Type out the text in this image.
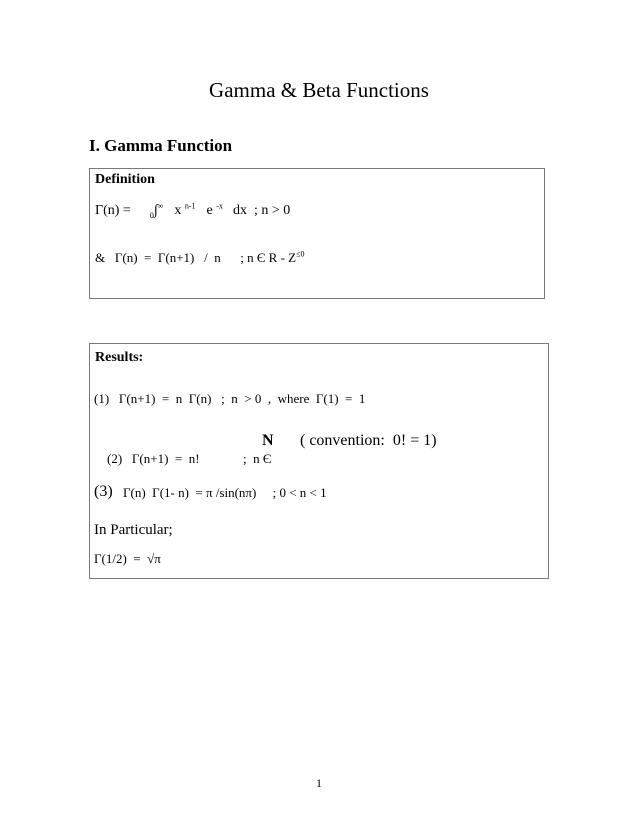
Gamma & Beta Functions
I. Gamma Function
Definition
Γ(n) = $_0$∫∞ x $^{n-1}$ e $^{-x}$ dx  ; n > 0
&   Γ(n)  =  Γ(n+1)   /  n      ; n Є R - $Z^{\le 0}$
Results:
(1)   Γ(n+1)  =  n  Γ(n)   ;  n  > 0  ,  where  Γ(1)  =  1

(2)   Γ(n+1)  =  n!
	;  n Є

N ( convention:  0! = 1)
(3) Γ(n)  Γ(1- n)  = π /sin(nπ)     ; 0 < n < 1
In Particular;
Γ(1/2)  =  √π
1
